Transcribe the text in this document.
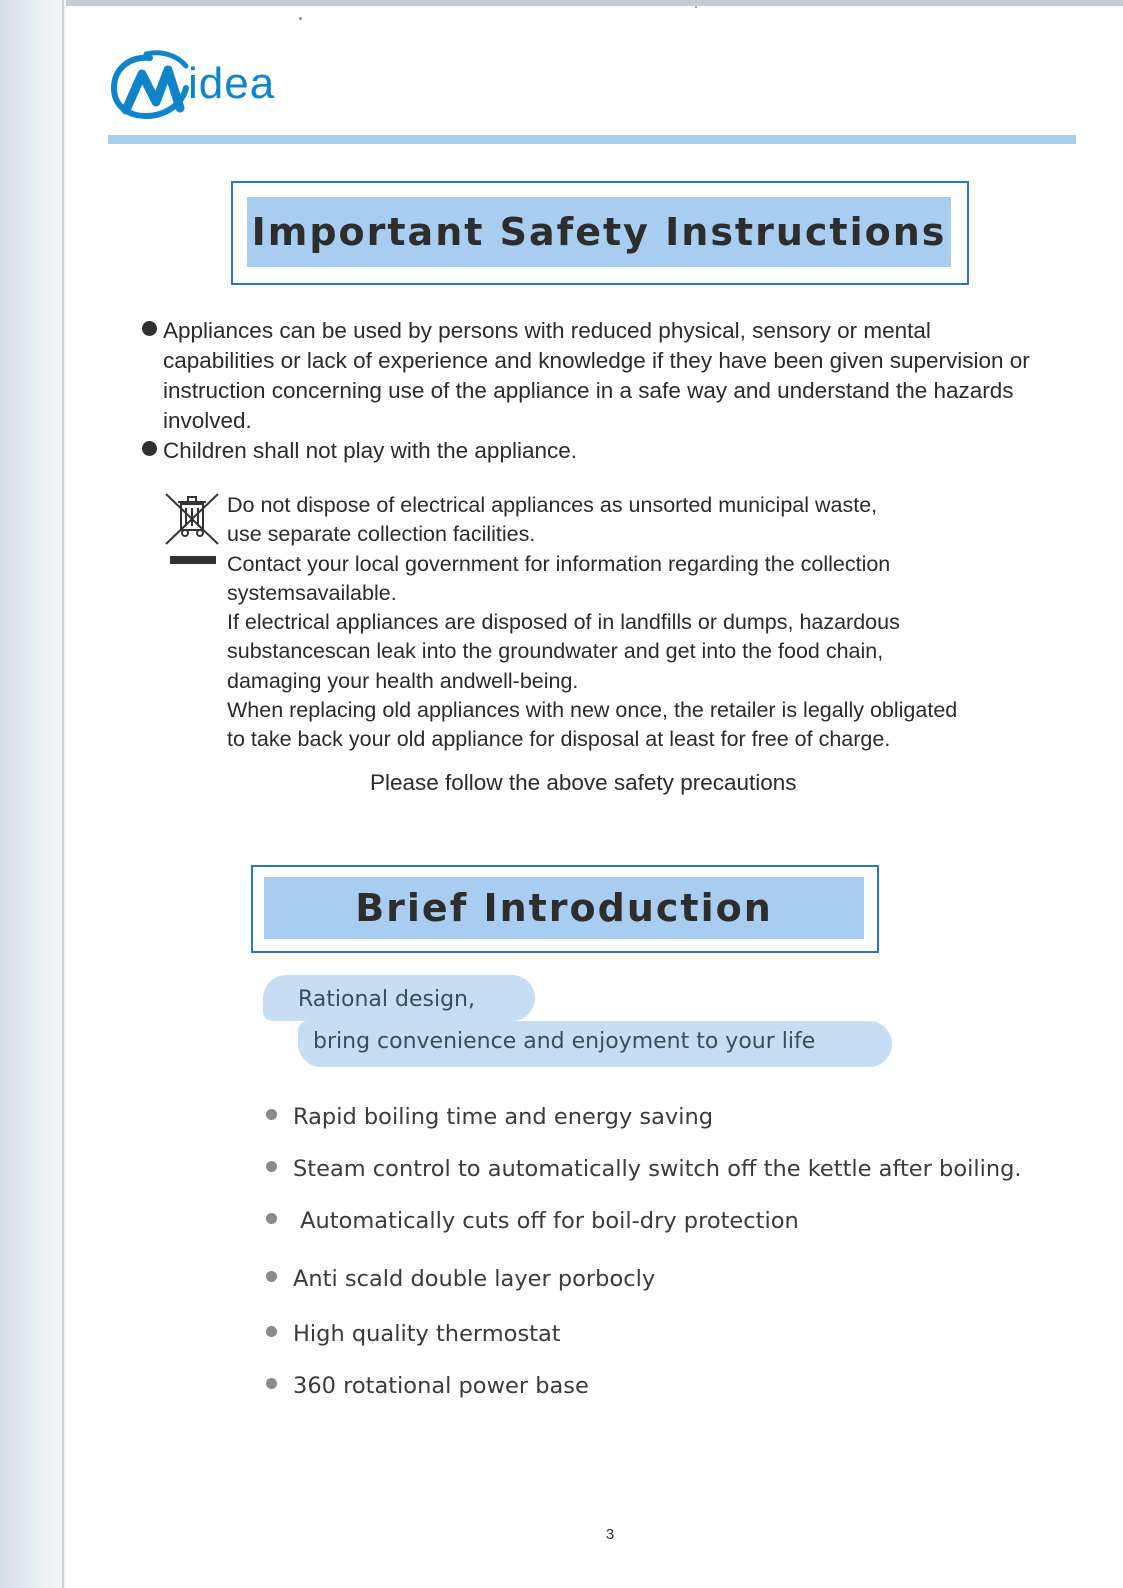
idea
Important Safety Instructions
Appliances can be used by persons with reduced physical, sensory or mental capabilities or lack of experience and knowledge if they have been given supervision or instruction concerning use of the appliance in a safe way and understand the hazards involved.
Children shall not play with the appliance.

Do not dispose of electrical appliances as unsorted municipal waste,

use separate collection facilities.

Contact your local government for information regarding the collection

systemsavailable.

If electrical appliances are disposed of in landfills or dumps, hazardous

substancescan leak into the groundwater and get into the food chain,

damaging your health andwell-being.

When replacing old appliances with new once, the retailer is legally obligated

to take back your old appliance for disposal at least for free of charge.

Please follow the above safety precautions
Brief Introduction
Rational design,
bring convenience and enjoyment to your life
Rapid boiling time and energy saving
Steam control to automatically switch off the kettle after boiling.
Automatically cuts off for boil-dry protection
Anti scald double layer porbocly
High quality thermostat
360 rotational power base
3
